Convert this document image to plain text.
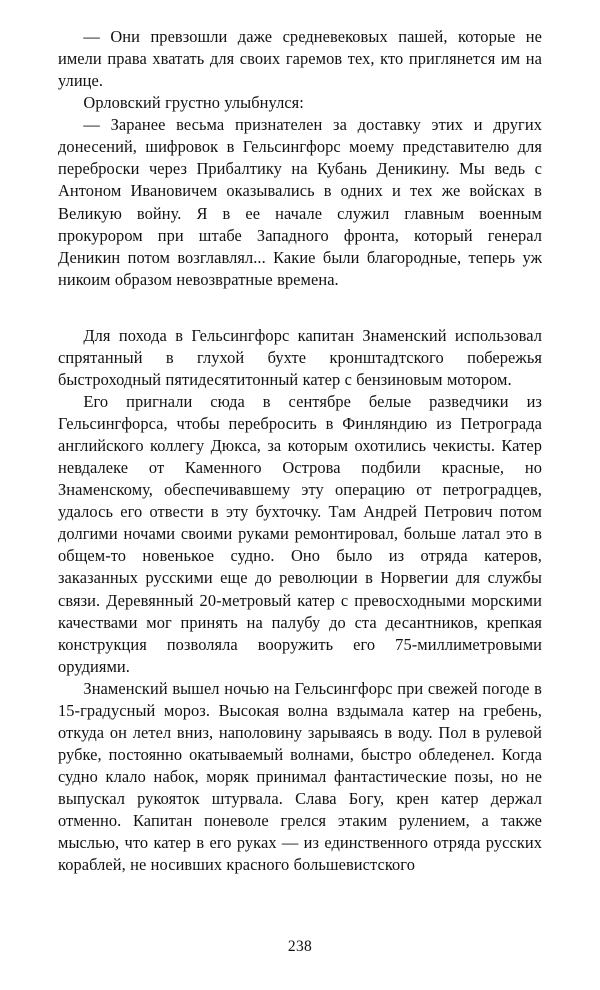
— Они превзошли даже средневековых пашей, которые не имели права хватать для своих гаремов тех, кто приглянется им на улице.

Орловский грустно улыбнулся:

— Заранее весьма признателен за доставку этих и других донесений, шифровок в Гельсингфорс моему представителю для переброски через Прибалтику на Кубань Деникину. Мы ведь с Антоном Ивановичем оказывались в одних и тех же войсках в Великую войну. Я в ее начале служил главным военным прокурором при штабе Западного фронта, который генерал Деникин потом возглавлял... Какие были благородные, теперь уж никоим образом невозвратные времена.

Для похода в Гельсингфорс капитан Знаменский использовал спрятанный в глухой бухте кронштадтского побережья быстроходный пятидесятитонный катер с бензиновым мотором.

Его пригнали сюда в сентябре белые разведчики из Гельсингфорса, чтобы перебросить в Финляндию из Петрограда английского коллегу Дюкса, за которым охотились чекисты. Катер невдалеке от Каменного Острова подбили красные, но Знаменскому, обеспечивавшему эту операцию от петроградцев, удалось его отвести в эту бухточку. Там Андрей Петрович потом долгими ночами своими руками ремонтировал, больше латал это в общем-то новенькое судно. Оно было из отряда катеров, заказанных русскими еще до революции в Норвегии для службы связи. Деревянный 20-метровый катер с превосходными морскими качествами мог принять на палубу до ста десантников, крепкая конструкция позволяла вооружить его 75-миллиметровыми орудиями.

Знаменский вышел ночью на Гельсингфорс при свежей погоде в 15-градусный мороз. Высокая волна вздымала катер на гребень, откуда он летел вниз, наполовину зарываясь в воду. Пол в рулевой рубке, постоянно окатываемый волнами, быстро обледенел. Когда судно клало набок, моряк принимал фантастические позы, но не выпускал рукояток штурвала. Слава Богу, крен катер держал отменно. Капитан поневоле грелся этаким рулением, а также мыслью, что катер в его руках — из единственного отряда русских кораблей, не носивших красного большевистского

238
